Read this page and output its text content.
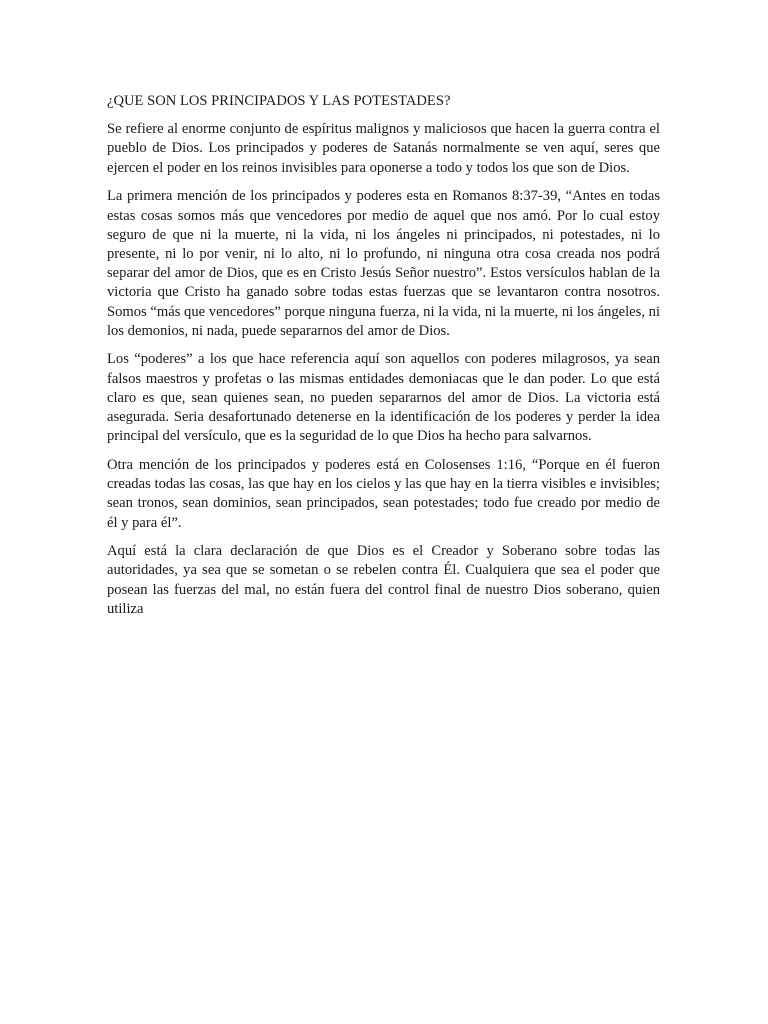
¿QUE SON LOS PRINCIPADOS Y LAS POTESTADES?

Se refiere al enorme conjunto de espíritus malignos y maliciosos que hacen la guerra contra el pueblo de Dios. Los principados y poderes de Satanás normalmente se ven aquí, seres que ejercen el poder en los reinos invisibles para oponerse a todo y todos los que son de Dios.

La primera mención de los principados y poderes esta en Romanos 8:37-39, “Antes en todas estas cosas somos más que vencedores por medio de aquel que nos amó. Por lo cual estoy seguro de que ni la muerte, ni la vida, ni los ángeles ni principados, ni potestades, ni lo presente, ni lo por venir, ni lo alto, ni lo profundo, ni ninguna otra cosa creada nos podrá separar del amor de Dios, que es en Cristo Jesús Señor nuestro”. Estos versículos hablan de la victoria que Cristo ha ganado sobre todas estas fuerzas que se levantaron contra nosotros. Somos “más que vencedores” porque ninguna fuerza, ni la vida, ni la muerte, ni los ángeles, ni los demonios, ni nada, puede separarnos del amor de Dios.

Los “poderes” a los que hace referencia aquí son aquellos con poderes milagrosos, ya sean falsos maestros y profetas o las mismas entidades demoniacas que le dan poder. Lo que está claro es que, sean quienes sean, no pueden separarnos del amor de Dios. La victoria está asegurada. Seria desafortunado detenerse en la identificación de los poderes y perder la idea principal del versículo, que es la seguridad de lo que Dios ha hecho para salvarnos.

Otra mención de los principados y poderes está en Colosenses 1:16, “Porque en él fueron creadas todas las cosas, las que hay en los cielos y las que hay en la tierra visibles e invisibles; sean tronos, sean dominios, sean principados, sean potestades; todo fue creado por medio de él y para él”.

Aquí está la clara declaración de que Dios es el Creador y Soberano sobre todas las autoridades, ya sea que se sometan o se rebelen contra Él. Cualquiera que sea el poder que posean las fuerzas del mal, no están fuera del control final de nuestro Dios soberano, quien utiliza
